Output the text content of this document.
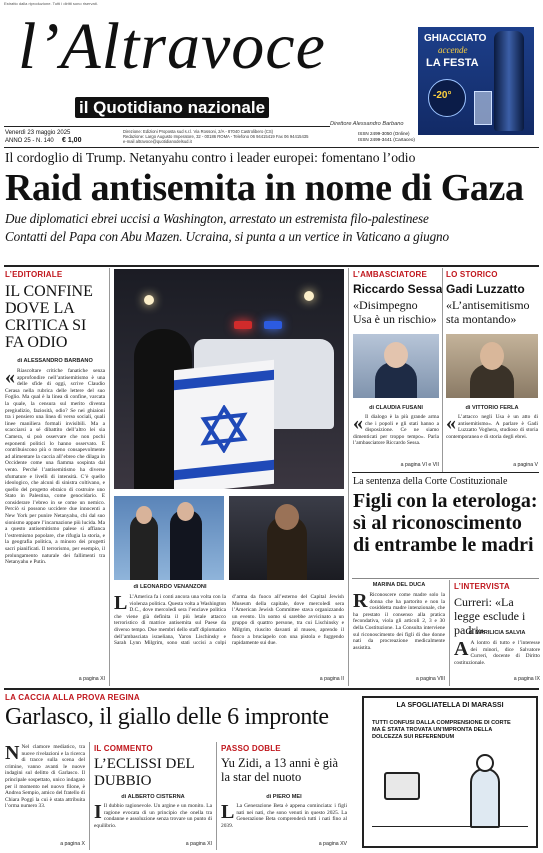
Estratto dalla riproduzione. Tutti i diritti sono riservati.
l’Altravoce
il Quotidiano nazionale
Direttore Alessandro Barbano
GHIACCIATO
accende
LA FESTA
-20°
Venerdì 23 maggio 2025
ANNO 25 - N. 140 € 1,00
Direzione: Edizioni Proposta sud s.r.l. Via Rossoni, 2/A - 87040 Castrolibero (CS)
Redazione: Largo Augusto Imperatore, 32 - 00186 ROMA - Telefono 06 94415419 Fax 06 94415435
e-mail altravoce@quotidianodelsud.it
ISSN 2499-3050 (Online)
ISSN 2499-3441 (Cartaceo)
Il cordoglio di Trump. Netanyahu contro i leader europei: fomentano l’odio
Raid antisemita in nome di Gaza
Due diplomatici ebrei uccisi a Washington, arrestato un estremista filo-palestinese
Contatti del Papa con Abu Mazen. Ucraina, si punta a un vertice in Vaticano a giugno
L’EDITORIALE
IL CONFINE DOVE LA CRITICA SI FA ODIO
di ALESSANDRO BARBANO
« Riascoltare critiche fanatiche senza approfondire nell’antisemitismo è una delle sfide di oggi, scrive Claudio Cerasa nella rubrica delle lettere del suo Foglio. Ma qual è la linea di confine, varcata la quale, la censura sul merito diventa pregiudizio, faziosità, odio? Se nei ghiaioni tra i pensiero una linea di verso sociali, quali linee maniliera formali invisibili. Ma a scacciarsi a sé dibattito dell’altro lei sia Camera, si può osservare che non pochi esponenti politici lo hanno osservato. E contribuiscono più o meno consapevolmente ad alimentare la caccia all’ebreo che dilaga in Occidente come una fiamma sospinta dal vento. Perché l’antisemitismo ha diverse sfumature e livelli di intensità. C’è quello ideologico, che alcuni di sinistra coltivano, e quello del progetto ebraico di costruire uno Stato in Palestina, come genocidario. E considerare l’ebreo in se come un nemico. Perciò si possono uccidere due innocenti a New York per punire Netanyahu, chi dal suo sionismo appare l’incarnazione più lucida. Ma a questo antisemitismo palese si affianca l’estremismo popolare, che rifugia la storia, e la geografia politica, a minoro dei progetti sacri pianificati. Il terrorismo, per esempio, il prolungamento naturale dei fallimenti tra Netanyahu e Putin.
a pagina XI
di LEONARDO VENANZONI
L L’America fa i conti ancora una volta con la violenza politica. Questa volta a Washington D.C., dove mercoledì sera l’enclave politica che viene già definita il più letale attacco terroristico di matrice antisemita sul Paese da diverso tempo. Due membri dello staff diplomatico dell’ambasciata israeliana, Yaron Lischinsky e Sarah Lynn Milgrim, sono stati uccisi a colpi d’arma da fuoco all’esterno del Capital Jewish Museum della capitale, dove mercoledì sera l’American Jewish Committee stava organizzando un evento. Un uomo si sarebbe avvicinato a un gruppo di quattro persone, tra cui Lischinsky e Milgrim, riuscito davanti al museo, aprendo il fuoco a bruciapelo con una pistola e fuggendo rapidamente sui due.
a pagina II
L’AMBASCIATORE
Riccardo Sessa
«Disimpegno Usa è un rischio»
di CLAUDIA FUSANI
« Il dialogo è la più grande arma che i popoli e gli stati hanno a disposizione. Ce ne siamo dimenticati per troppo tempo». Parla l’ambasciatore Riccardo Sessa.
a pagina VI e VII
LO STORICO
Gadi Luzzatto
«L’antisemitismo sta montando»
di VITTORIO FERLA
« L’attacco negli Usa è un atto di antisemitismo». A parlare è Gadi Luzzatto Voghera, studioso di storia contemporanea e di storia degli ebrei.
a pagina V
La sentenza della Corte Costituzionale
Figli con la eterologa: sì al riconoscimento di entrambe le madri
MARINA DEL DUCA
R Riconoscere come madre solo la donna che ha partorito e non la cosiddetta madre intenzionale, che ha prestato il consenso alla pratica fecondativa, viola gli articoli 2, 3 e 30 della Costituzione. La Consulta interviene sul riconoscimento dei figli di due donne nati da procreazione medicalmente assistita.
a pagina VIII
L’INTERVISTA
Curreri: «La legge esclude i padri»
di MARILICIA SALVIA
A A lontro di tutto e l’interesse dei minori, dice Salvatore Curreri, docente di Diritto costituzionale.
a pagina IX
LA CACCIA ALLA PROVA REGINA
Garlasco, il giallo delle 6 impronte
N Nel clamore mediatico, tra nuove rivelazioni e la ricerca di tracce sulla scena del crimine, vanno avanti le nuove indagini sul delitto di Garlasco. Il principale sospettato, unico indagato per il momento nel nuovo filone, è Andrea Sempio, amico del fratello di Chiara Poggi la cui è stata attribuita l’orma numero 33.
a pagina X
IL COMMENTO
L’ECLISSI DEL DUBBIO
di ALBERTO CISTERNA
I Il dubbio ragionevole. Un argine e un monito. La ragione evocata di un principio che onella tra condanne e assoluzione senza trovare un punto di equilibrio.
a pagina XI
PASSO DOBLE
Yu Zidi, a 13 anni è già la star del nuoto
di PIERO MEI
L La Generazione Beta è appena cominciata: i figli nati nei nati, che sono venuti in questo 2025. La Generazione Beta comprenderà tutti i nati fino al 2039.
a pagina XV
LA SFOGLIATELLA DI MARASSI
TUTTI CONFUSI DALLA COMPRENSIONE DI CORTE MA È STATA TROVATA UN’IMPRONTA DELLA DOLCEZZA SUI REFERENDUM
